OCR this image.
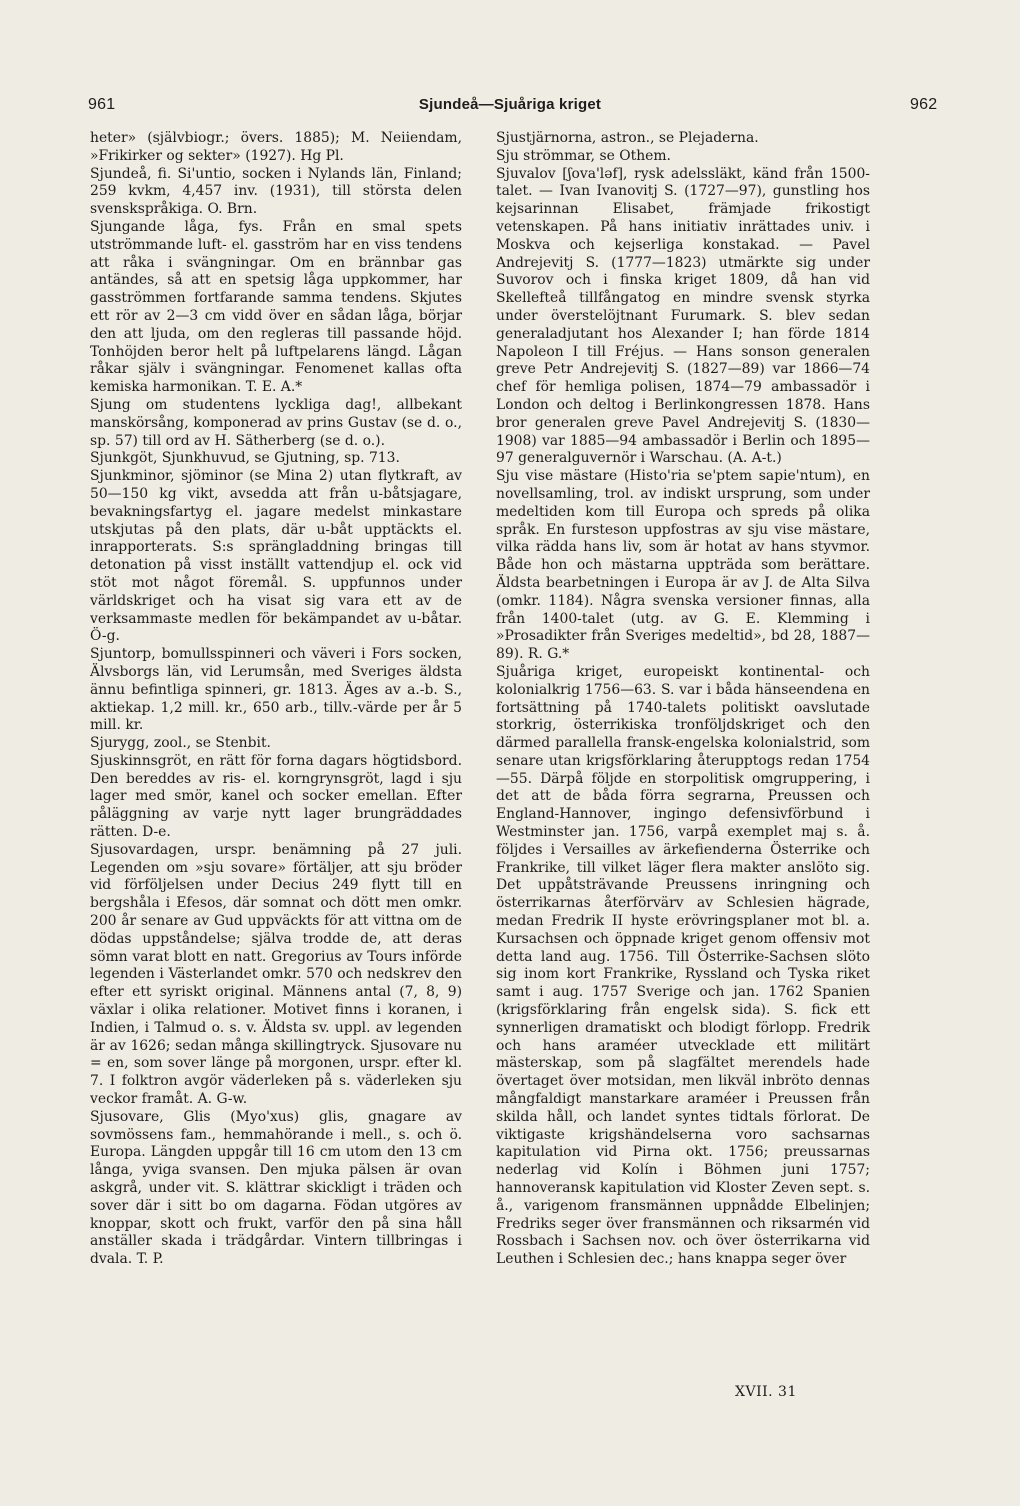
961	Sjundeå—Sjuåriga kriget	962

heter» (självbiogr.; övers. 1885); M. Neiiendam, »Frikirker og sekter» (1927). Hg Pl.

Sjundeå, fi. Si'untio, socken i Nylands län, Finland; 259 kvkm, 4,457 inv. (1931), till största delen svenskspråkiga. O. Brn.

Sjungande låga, fys. Från en smal spets utströmmande luft- el. gasström har en viss tendens att råka i svängningar. Om en brännbar gas antändes, så att en spetsig låga uppkommer, har gasströmmen fortfarande samma tendens. Skjutes ett rör av 2—3 cm vidd över en sådan låga, börjar den att ljuda, om den regleras till passande höjd. Tonhöjden beror helt på luftpelarens längd. Lågan råkar själv i svängningar. Fenomenet kallas ofta kemiska harmonikan. T. E. A.*

Sjung om studentens lyckliga dag!, allbekant manskörsång, komponerad av prins Gustav (se d. o., sp. 57) till ord av H. Sätherberg (se d. o.).

Sjunkgöt, Sjunkhuvud, se Gjutning, sp. 713.

Sjunkminor, sjöminor (se Mina 2) utan flytkraft, av 50—150 kg vikt, avsedda att från u-båtsjagare, bevakningsfartyg el. jagare medelst minkastare utskjutas på den plats, där u-båt upptäckts el. inrapporterats. S:s sprängladdning bringas till detonation på visst inställt vattendjup el. ock vid stöt mot något föremål. S. uppfunnos under världskriget och ha visat sig vara ett av de verksammaste medlen för bekämpandet av u-båtar. Ö-g.

Sjuntorp, bomullsspinneri och väveri i Fors socken, Älvsborgs län, vid Lerumsån, med Sveriges äldsta ännu befintliga spinneri, gr. 1813. Äges av a.-b. S., aktiekap. 1,2 mill. kr., 650 arb., tillv.-värde per år 5 mill. kr.

Sjurygg, zool., se Stenbit.

Sjuskinnsgröt, en rätt för forna dagars högtidsbord. Den bereddes av ris- el. korngrynsgröt, lagd i sju lager med smör, kanel och socker emellan. Efter påläggning av varje nytt lager brungräddades rätten. D-e.

Sjusovardagen, urspr. benämning på 27 juli. Legenden om »sju sovare» förtäljer, att sju bröder vid förföljelsen under Decius 249 flytt till en bergshåla i Efesos, där somnat och dött men omkr. 200 år senare av Gud uppväckts för att vittna om de dödas uppståndelse; själva trodde de, att deras sömn varat blott en natt. Gregorius av Tours införde legenden i Västerlandet omkr. 570 och nedskrev den efter ett syriskt original. Männens antal (7, 8, 9) växlar i olika relationer. Motivet finns i koranen, i Indien, i Talmud o. s. v. Äldsta sv. uppl. av legenden är av 1626; sedan många skillingtryck. Sjusovare nu = en, som sover länge på morgonen, urspr. efter kl. 7. I folktron avgör väderleken på s. väderleken sju veckor framåt. A. G-w.

Sjusovare, Glis (Myo'xus) glis, gnagare av sovmössens fam., hemmahörande i mell., s. och ö. Europa. Längden uppgår till 16 cm utom den 13 cm långa, yviga svansen. Den mjuka pälsen är ovan askgrå, under vit. S. klättrar skickligt i träden och sover där i sitt bo om dagarna. Födan utgöres av knoppar, skott och frukt, varför den på sina håll anställer skada i trädgårdar. Vintern tillbringas i dvala. T. P.

Sjustjärnorna, astron., se Plejaderna.

Sju strömmar, se Othem.

Sjuvalov [ʃova'ləf], rysk adelssläkt, känd från 1500-talet. — Ivan Ivanovitj S. (1727—97), gunstling hos kejsarinnan Elisabet, främjade frikostigt vetenskapen. På hans initiativ inrättades univ. i Moskva och kejserliga konstakad. — Pavel Andrejevitj S. (1777—1823) utmärkte sig under Suvorov och i finska kriget 1809, då han vid Skellefteå tillfångatog en mindre svensk styrka under överstelöjtnant Furumark. S. blev sedan generaladjutant hos Alexander I; han förde 1814 Napoleon I till Fréjus. — Hans sonson generalen greve Petr Andrejevitj S. (1827—89) var 1866—74 chef för hemliga polisen, 1874—79 ambassadör i London och deltog i Berlinkongressen 1878. Hans bror generalen greve Pavel Andrejevitj S. (1830—1908) var 1885—94 ambassadör i Berlin och 1895—97 generalguvernör i Warschau. (A. A-t.)

Sju vise mästare (Histo'ria se'ptem sapie'ntum), en novellsamling, trol. av indiskt ursprung, som under medeltiden kom till Europa och spreds på olika språk. En fursteson uppfostras av sju vise mästare, vilka rädda hans liv, som är hotat av hans styvmor. Både hon och mästarna uppträda som berättare. Äldsta bearbetningen i Europa är av J. de Alta Silva (omkr. 1184). Några svenska versioner finnas, alla från 1400-talet (utg. av G. E. Klemming i »Prosadikter från Sveriges medeltid», bd 28, 1887—89). R. G.*

Sjuåriga kriget, europeiskt kontinental- och kolonialkrig 1756—63. S. var i båda hänseendena en fortsättning på 1740-talets politiskt oavslutade storkrig, österrikiska tronföljdskriget och den därmed parallella fransk-engelska kolonialstrid, som senare utan krigsförklaring återupptogs redan 1754—55. Därpå följde en storpolitisk omgruppering, i det att de båda förra segrarna, Preussen och England-Hannover, ingingo defensivförbund i Westminster jan. 1756, varpå exemplet maj s. å. följdes i Versailles av ärkefienderna Österrike och Frankrike, till vilket läger flera makter anslöto sig. Det uppåtsträvande Preussens inringning och österrikarnas återförvärv av Schlesien hägrade, medan Fredrik II hyste erövringsplaner mot bl. a. Kursachsen och öppnade kriget genom offensiv mot detta land aug. 1756. Till Österrike-Sachsen slöto sig inom kort Frankrike, Ryssland och Tyska riket samt i aug. 1757 Sverige och jan. 1762 Spanien (krigsförklaring från engelsk sida). S. fick ett synnerligen dramatiskt och blodigt förlopp. Fredrik och hans araméer utvecklade ett militärt mästerskap, som på slagfältet merendels hade övertaget över motsidan, men likväl inbröto dennas mångfaldigt manstarkare araméer i Preussen från skilda håll, och landet syntes tidtals förlorat. De viktigaste krigshändelserna voro sachsarnas kapitulation vid Pirna okt. 1756; preussarnas nederlag vid Kolín i Böhmen juni 1757; hannoveransk kapitulation vid Kloster Zeven sept. s. å., varigenom fransmännen uppnådde Elbelinjen; Fredriks seger över fransmännen och riksarmén vid Rossbach i Sachsen nov. och över österrikarna vid Leuthen i Schlesien dec.; hans knappa seger över

XVII. 31
